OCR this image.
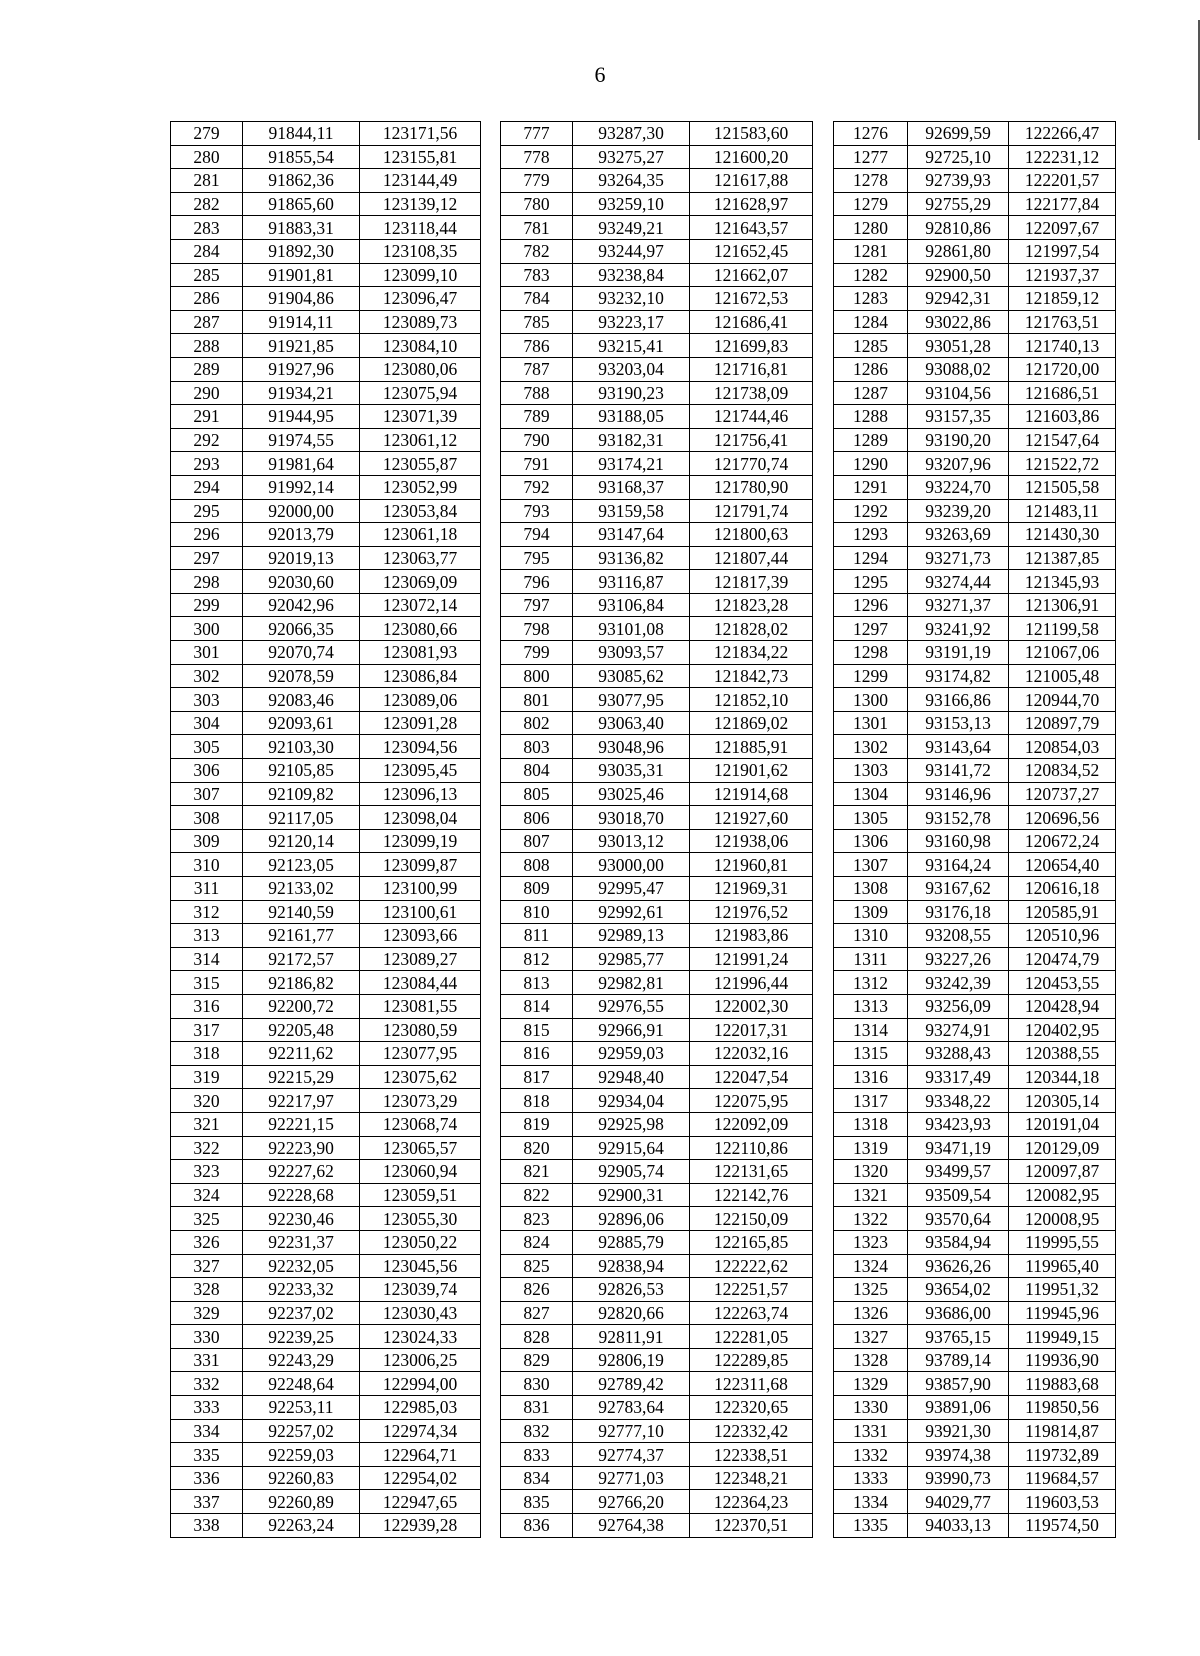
6
279	91844,11	123171,56
280	91855,54	123155,81
281	91862,36	123144,49
282	91865,60	123139,12
283	91883,31	123118,44
284	91892,30	123108,35
285	91901,81	123099,10
286	91904,86	123096,47
287	91914,11	123089,73
288	91921,85	123084,10
289	91927,96	123080,06
290	91934,21	123075,94
291	91944,95	123071,39
292	91974,55	123061,12
293	91981,64	123055,87
294	91992,14	123052,99
295	92000,00	123053,84
296	92013,79	123061,18
297	92019,13	123063,77
298	92030,60	123069,09
299	92042,96	123072,14
300	92066,35	123080,66
301	92070,74	123081,93
302	92078,59	123086,84
303	92083,46	123089,06
304	92093,61	123091,28
305	92103,30	123094,56
306	92105,85	123095,45
307	92109,82	123096,13
308	92117,05	123098,04
309	92120,14	123099,19
310	92123,05	123099,87
311	92133,02	123100,99
312	92140,59	123100,61
313	92161,77	123093,66
314	92172,57	123089,27
315	92186,82	123084,44
316	92200,72	123081,55
317	92205,48	123080,59
318	92211,62	123077,95
319	92215,29	123075,62
320	92217,97	123073,29
321	92221,15	123068,74
322	92223,90	123065,57
323	92227,62	123060,94
324	92228,68	123059,51
325	92230,46	123055,30
326	92231,37	123050,22
327	92232,05	123045,56
328	92233,32	123039,74
329	92237,02	123030,43
330	92239,25	123024,33
331	92243,29	123006,25
332	92248,64	122994,00
333	92253,11	122985,03
334	92257,02	122974,34
335	92259,03	122964,71
336	92260,83	122954,02
337	92260,89	122947,65
338	92263,24	122939,28
777	93287,30	121583,60
778	93275,27	121600,20
779	93264,35	121617,88
780	93259,10	121628,97
781	93249,21	121643,57
782	93244,97	121652,45
783	93238,84	121662,07
784	93232,10	121672,53
785	93223,17	121686,41
786	93215,41	121699,83
787	93203,04	121716,81
788	93190,23	121738,09
789	93188,05	121744,46
790	93182,31	121756,41
791	93174,21	121770,74
792	93168,37	121780,90
793	93159,58	121791,74
794	93147,64	121800,63
795	93136,82	121807,44
796	93116,87	121817,39
797	93106,84	121823,28
798	93101,08	121828,02
799	93093,57	121834,22
800	93085,62	121842,73
801	93077,95	121852,10
802	93063,40	121869,02
803	93048,96	121885,91
804	93035,31	121901,62
805	93025,46	121914,68
806	93018,70	121927,60
807	93013,12	121938,06
808	93000,00	121960,81
809	92995,47	121969,31
810	92992,61	121976,52
811	92989,13	121983,86
812	92985,77	121991,24
813	92982,81	121996,44
814	92976,55	122002,30
815	92966,91	122017,31
816	92959,03	122032,16
817	92948,40	122047,54
818	92934,04	122075,95
819	92925,98	122092,09
820	92915,64	122110,86
821	92905,74	122131,65
822	92900,31	122142,76
823	92896,06	122150,09
824	92885,79	122165,85
825	92838,94	122222,62
826	92826,53	122251,57
827	92820,66	122263,74
828	92811,91	122281,05
829	92806,19	122289,85
830	92789,42	122311,68
831	92783,64	122320,65
832	92777,10	122332,42
833	92774,37	122338,51
834	92771,03	122348,21
835	92766,20	122364,23
836	92764,38	122370,51
1276	92699,59	122266,47
1277	92725,10	122231,12
1278	92739,93	122201,57
1279	92755,29	122177,84
1280	92810,86	122097,67
1281	92861,80	121997,54
1282	92900,50	121937,37
1283	92942,31	121859,12
1284	93022,86	121763,51
1285	93051,28	121740,13
1286	93088,02	121720,00
1287	93104,56	121686,51
1288	93157,35	121603,86
1289	93190,20	121547,64
1290	93207,96	121522,72
1291	93224,70	121505,58
1292	93239,20	121483,11
1293	93263,69	121430,30
1294	93271,73	121387,85
1295	93274,44	121345,93
1296	93271,37	121306,91
1297	93241,92	121199,58
1298	93191,19	121067,06
1299	93174,82	121005,48
1300	93166,86	120944,70
1301	93153,13	120897,79
1302	93143,64	120854,03
1303	93141,72	120834,52
1304	93146,96	120737,27
1305	93152,78	120696,56
1306	93160,98	120672,24
1307	93164,24	120654,40
1308	93167,62	120616,18
1309	93176,18	120585,91
1310	93208,55	120510,96
1311	93227,26	120474,79
1312	93242,39	120453,55
1313	93256,09	120428,94
1314	93274,91	120402,95
1315	93288,43	120388,55
1316	93317,49	120344,18
1317	93348,22	120305,14
1318	93423,93	120191,04
1319	93471,19	120129,09
1320	93499,57	120097,87
1321	93509,54	120082,95
1322	93570,64	120008,95
1323	93584,94	119995,55
1324	93626,26	119965,40
1325	93654,02	119951,32
1326	93686,00	119945,96
1327	93765,15	119949,15
1328	93789,14	119936,90
1329	93857,90	119883,68
1330	93891,06	119850,56
1331	93921,30	119814,87
1332	93974,38	119732,89
1333	93990,73	119684,57
1334	94029,77	119603,53
1335	94033,13	119574,50
